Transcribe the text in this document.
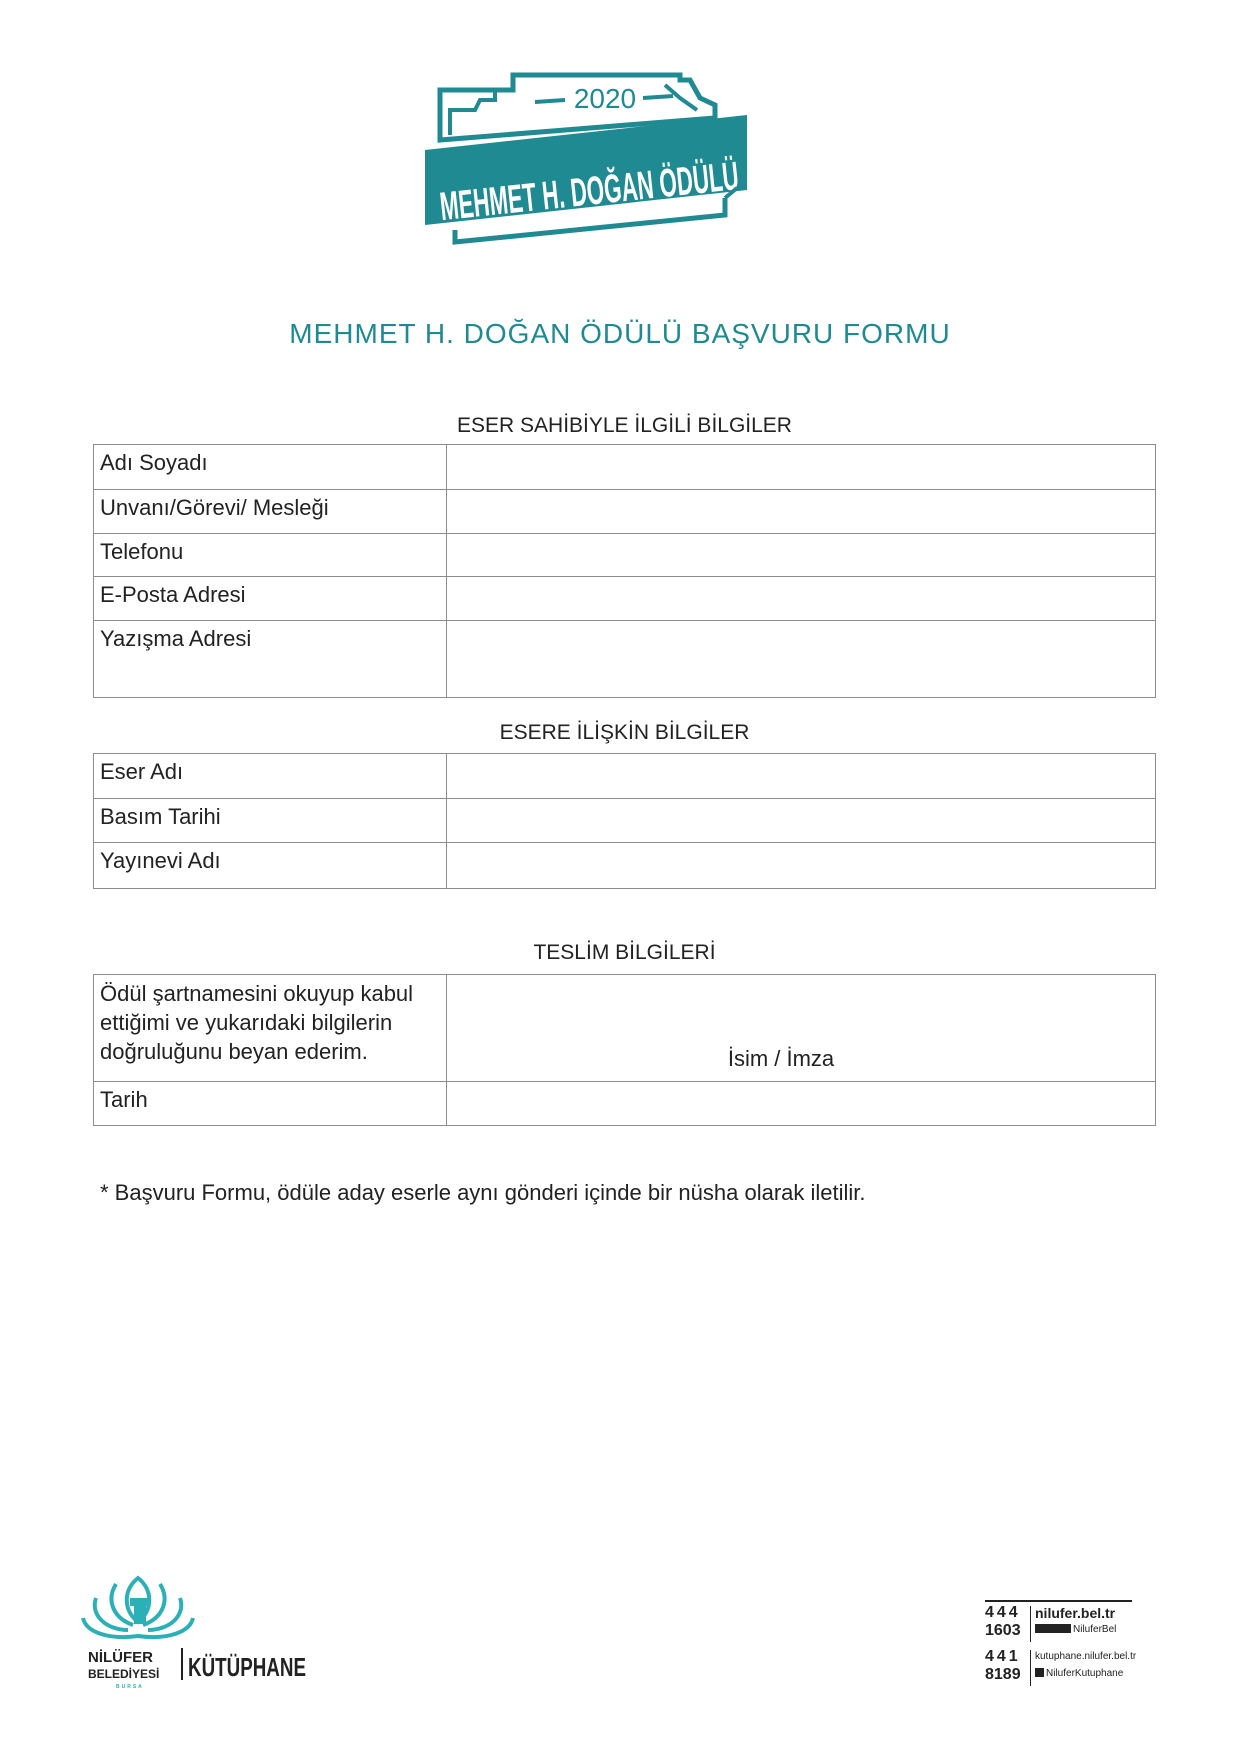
2020
MEHMET H. DOĞAN ÖDÜLÜ
MEHMET H. DOĞAN ÖDÜLÜ BAŞVURU FORMU
ESER SAHİBİYLE İLGİLİ BİLGİLER
Adı Soyadı	
Unvanı/Görevi/ Mesleği	
Telefonu	
E-Posta Adresi	
Yazışma Adresi	
ESERE İLİŞKİN BİLGİLER
Eser Adı	
Basım Tarihi	
Yayınevi Adı	
TESLİM BİLGİLERİ
Ödül şartnamesini okuyup kabul ettiğimi ve yukarıdaki bilgilerin doğruluğunu beyan ederim.	İsim / İmza
Tarih	
* Başvuru Formu, ödüle aday eserle aynı gönderi içinde bir nüsha olarak iletilir.
NİLÜFER
BELEDİYESİ
BURSA
KÜTÜPHANE
444
1603
nilufer.bel.tr
NiluferBel
441
8189
kutuphane.nilufer.bel.tr
NiluferKutuphane
